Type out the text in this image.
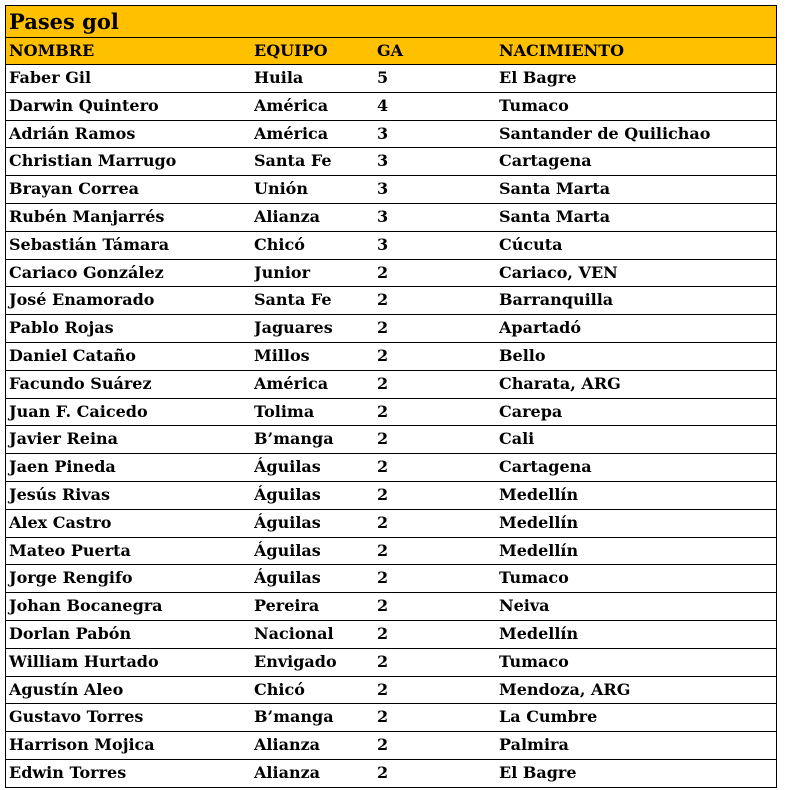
Pases gol
NOMBRE	EQUIPO	GA	NACIMIENTO
Faber Gil	Huila	5	El Bagre
Darwin Quintero	América	4	Tumaco
Adrián Ramos	América	3	Santander de Quilichao
Christian Marrugo	Santa Fe	3	Cartagena
Brayan Correa	Unión	3	Santa Marta
Rubén Manjarrés	Alianza	3	Santa Marta
Sebastián Támara	Chicó	3	Cúcuta
Cariaco González	Junior	2	Cariaco, VEN
José Enamorado	Santa Fe	2	Barranquilla
Pablo Rojas	Jaguares	2	Apartadó
Daniel Cataño	Millos	2	Bello
Facundo Suárez	América	2	Charata, ARG
Juan F. Caicedo	Tolima	2	Carepa
Javier Reina	B’manga	2	Cali
Jaen Pineda	Águilas	2	Cartagena
Jesús Rivas	Águilas	2	Medellín
Alex Castro	Águilas	2	Medellín
Mateo Puerta	Águilas	2	Medellín
Jorge Rengifo	Águilas	2	Tumaco
Johan Bocanegra	Pereira	2	Neiva
Dorlan Pabón	Nacional	2	Medellín
William Hurtado	Envigado	2	Tumaco
Agustín Aleo	Chicó	2	Mendoza, ARG
Gustavo Torres	B’manga	2	La Cumbre
Harrison Mojica	Alianza	2	Palmira
Edwin Torres	Alianza	2	El Bagre
